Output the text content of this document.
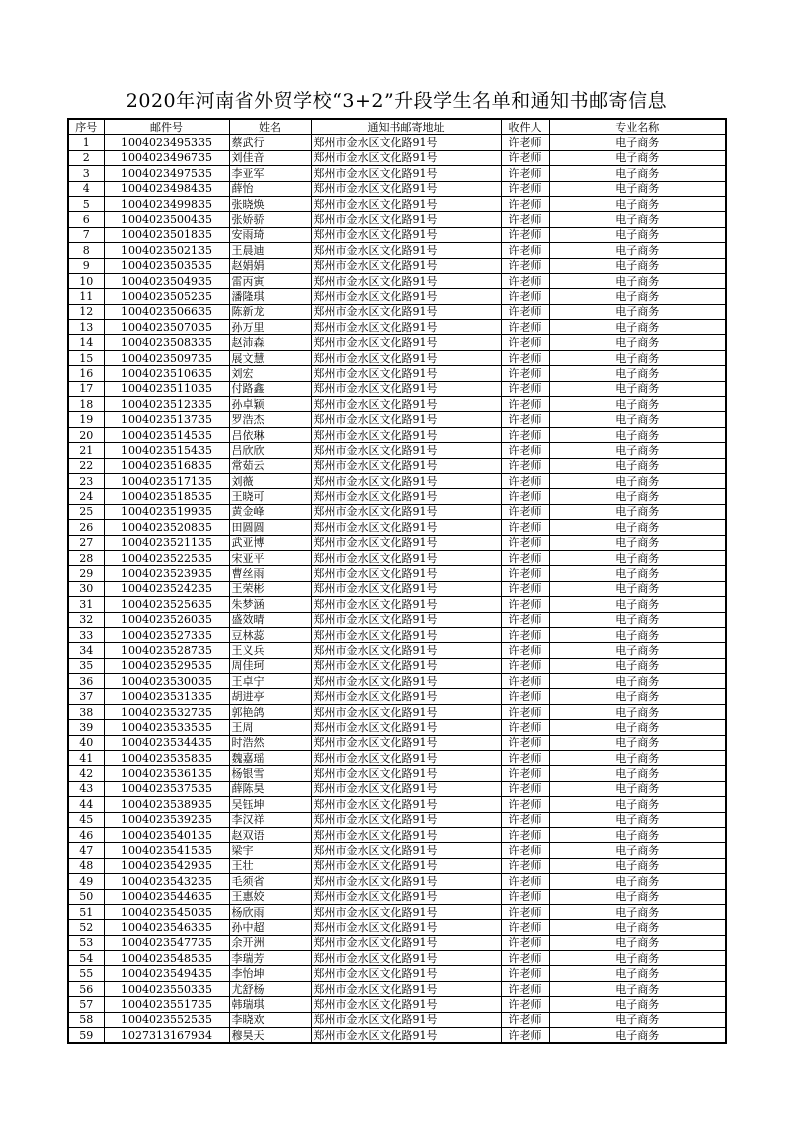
2020年河南省外贸学校“3+2”升段学生名单和通知书邮寄信息
序号	邮件号	姓名	通知书邮寄地址	收件人	专业名称
1	1004023495335	蔡武行	郑州市金水区文化路91号	许老师	电子商务
2	1004023496735	刘佳音	郑州市金水区文化路91号	许老师	电子商务
3	1004023497535	李亚军	郑州市金水区文化路91号	许老师	电子商务
4	1004023498435	薛怡	郑州市金水区文化路91号	许老师	电子商务
5	1004023499835	张晓焕	郑州市金水区文化路91号	许老师	电子商务
6	1004023500435	张娇骄	郑州市金水区文化路91号	许老师	电子商务
7	1004023501835	安雨琦	郑州市金水区文化路91号	许老师	电子商务
8	1004023502135	王晨迪	郑州市金水区文化路91号	许老师	电子商务
9	1004023503535	赵娟娟	郑州市金水区文化路91号	许老师	电子商务
10	1004023504935	雷丙寅	郑州市金水区文化路91号	许老师	电子商务
11	1004023505235	潘隆琪	郑州市金水区文化路91号	许老师	电子商务
12	1004023506635	陈新龙	郑州市金水区文化路91号	许老师	电子商务
13	1004023507035	孙万里	郑州市金水区文化路91号	许老师	电子商务
14	1004023508335	赵沛森	郑州市金水区文化路91号	许老师	电子商务
15	1004023509735	展文慧	郑州市金水区文化路91号	许老师	电子商务
16	1004023510635	刘宏	郑州市金水区文化路91号	许老师	电子商务
17	1004023511035	付路鑫	郑州市金水区文化路91号	许老师	电子商务
18	1004023512335	孙卓颖	郑州市金水区文化路91号	许老师	电子商务
19	1004023513735	罗浩杰	郑州市金水区文化路91号	许老师	电子商务
20	1004023514535	吕依琳	郑州市金水区文化路91号	许老师	电子商务
21	1004023515435	吕欣欣	郑州市金水区文化路91号	许老师	电子商务
22	1004023516835	常茹云	郑州市金水区文化路91号	许老师	电子商务
23	1004023517135	刘薇	郑州市金水区文化路91号	许老师	电子商务
24	1004023518535	王晓可	郑州市金水区文化路91号	许老师	电子商务
25	1004023519935	黄金峰	郑州市金水区文化路91号	许老师	电子商务
26	1004023520835	田圆圆	郑州市金水区文化路91号	许老师	电子商务
27	1004023521135	武亚博	郑州市金水区文化路91号	许老师	电子商务
28	1004023522535	宋亚平	郑州市金水区文化路91号	许老师	电子商务
29	1004023523935	曹丝雨	郑州市金水区文化路91号	许老师	电子商务
30	1004023524235	王荣彬	郑州市金水区文化路91号	许老师	电子商务
31	1004023525635	朱梦涵	郑州市金水区文化路91号	许老师	电子商务
32	1004023526035	盛效晴	郑州市金水区文化路91号	许老师	电子商务
33	1004023527335	豆林蕊	郑州市金水区文化路91号	许老师	电子商务
34	1004023528735	王义兵	郑州市金水区文化路91号	许老师	电子商务
35	1004023529535	周佳珂	郑州市金水区文化路91号	许老师	电子商务
36	1004023530035	王卓宁	郑州市金水区文化路91号	许老师	电子商务
37	1004023531335	胡进亭	郑州市金水区文化路91号	许老师	电子商务
38	1004023532735	郭艳鸽	郑州市金水区文化路91号	许老师	电子商务
39	1004023533535	王周	郑州市金水区文化路91号	许老师	电子商务
40	1004023534435	时浩然	郑州市金水区文化路91号	许老师	电子商务
41	1004023535835	魏嘉瑶	郑州市金水区文化路91号	许老师	电子商务
42	1004023536135	杨银雪	郑州市金水区文化路91号	许老师	电子商务
43	1004023537535	薛陈昊	郑州市金水区文化路91号	许老师	电子商务
44	1004023538935	吴钰坤	郑州市金水区文化路91号	许老师	电子商务
45	1004023539235	李汉祥	郑州市金水区文化路91号	许老师	电子商务
46	1004023540135	赵双语	郑州市金水区文化路91号	许老师	电子商务
47	1004023541535	梁宇	郑州市金水区文化路91号	许老师	电子商务
48	1004023542935	王壮	郑州市金水区文化路91号	许老师	电子商务
49	1004023543235	毛须省	郑州市金水区文化路91号	许老师	电子商务
50	1004023544635	王惠姣	郑州市金水区文化路91号	许老师	电子商务
51	1004023545035	杨欣雨	郑州市金水区文化路91号	许老师	电子商务
52	1004023546335	孙中超	郑州市金水区文化路91号	许老师	电子商务
53	1004023547735	余开洲	郑州市金水区文化路91号	许老师	电子商务
54	1004023548535	李瑞芳	郑州市金水区文化路91号	许老师	电子商务
55	1004023549435	李怡坤	郑州市金水区文化路91号	许老师	电子商务
56	1004023550335	尤舒杨	郑州市金水区文化路91号	许老师	电子商务
57	1004023551735	韩瑞琪	郑州市金水区文化路91号	许老师	电子商务
58	1004023552535	李晓欢	郑州市金水区文化路91号	许老师	电子商务
59	1027313167934	穆昊天	郑州市金水区文化路91号	许老师	电子商务
